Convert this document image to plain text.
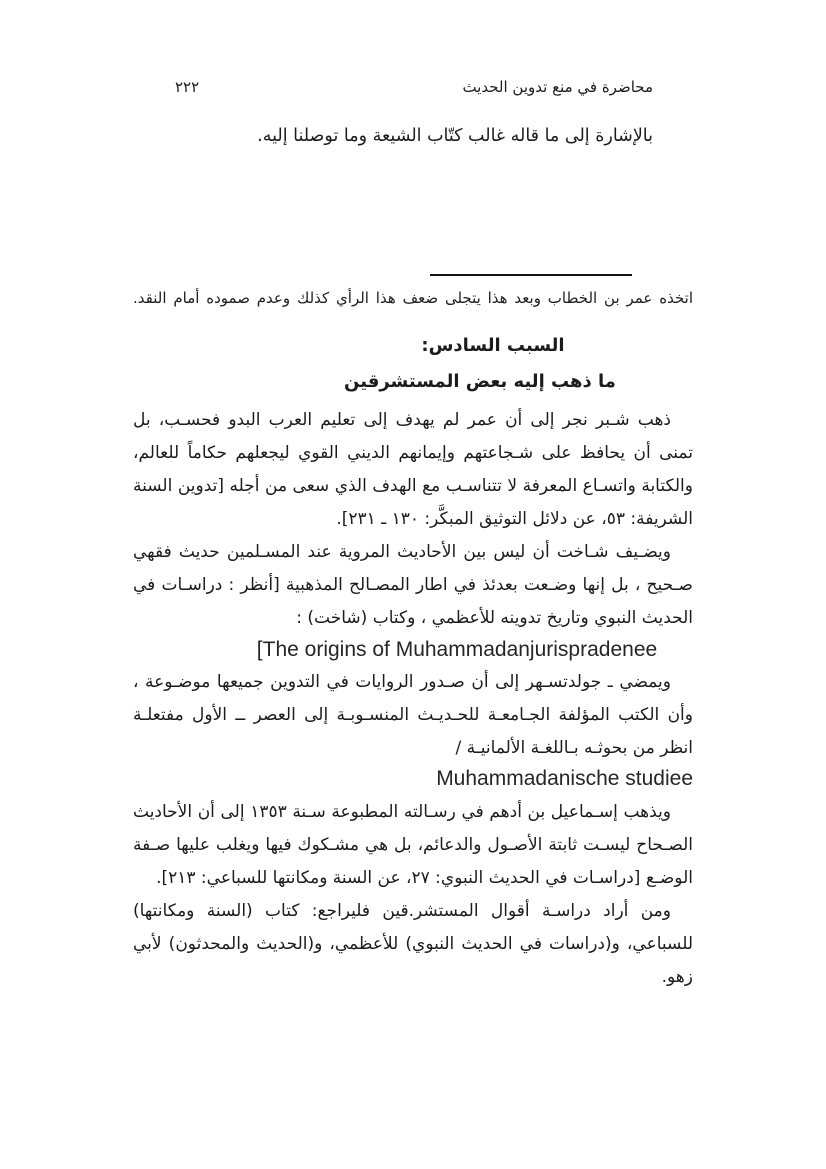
محاضرة في منع تدوين الحديث
٢٢٢

بالإشارة إلى ما قاله غالب كتّاب الشيعة وما توصلنا إليه.

اتخذه عمر بن الخطاب وبعد هذا يتجلى ضعف هذا الرأي كذلك وعدم صموده أمام النقد.

السبب السادس:
ما ذهب إليه بعض المستشرقين

ذهب شـبر نجر إلى أن عمر لم يهدف إلى تعليم العرب البدو فحسـب، بل تمنى أن يحافظ على شـجاعتهم وإيمانهم الديني القوي ليجعلهم حكاماً للعالم، والكتابة واتسـاع المعرفة لا تتناسـب مع الهدف الذي سعى من أجله [تدوين السنة الشريفة: ٥٣، عن دلائل التوثيق المبكَّر: ١٣٠ ـ ٢٣١].

ويضـيف شـاخت أن ليس بين الأحاديث المروية عند المسـلمين حديث فقهي صـحيح ، بل إنها وضـعت بعدئذ في اطار المصـالح المذهبية [أنظر : دراسـات في الحديث النبوي وتاريخ تدوينه للأعظمي ، وكتاب (شاخت) :

[The origins of Muhammadanjurispradenee

ويمضي ـ جولدتسـهر إلى أن صـدور الروايات في التدوين جميعها موضـوعة ، وأن الكتب المؤلفة الجـامعـة للحـديـث المنسـوبـة إلى العصر ــ الأول مفتعلـة انظر من بحوثـه بـاللغـة الألمانيـة /

Muhammadanische studiee

ويذهب إسـماعيل بن أدهم في رسـالته المطبوعة سـنة ١٣٥٣ إلى أن الأحاديث الصـحاح ليسـت ثابتة الأصـول والدعائم، بل هي مشـكوك فيها ويغلب عليها صـفة الوضـع [دراسـات في الحديث النبوي: ٢٧، عن السنة ومكانتها للسباعي: ٢١٣].

ومن أراد دراسـة أقوال المستشر.قين فليراجع: كتاب (السنة ومكانتها) للسباعي، و(دراسات في الحديث النبوي) للأعظمي، و(الحديث والمحدثون) لأبي زهو.
